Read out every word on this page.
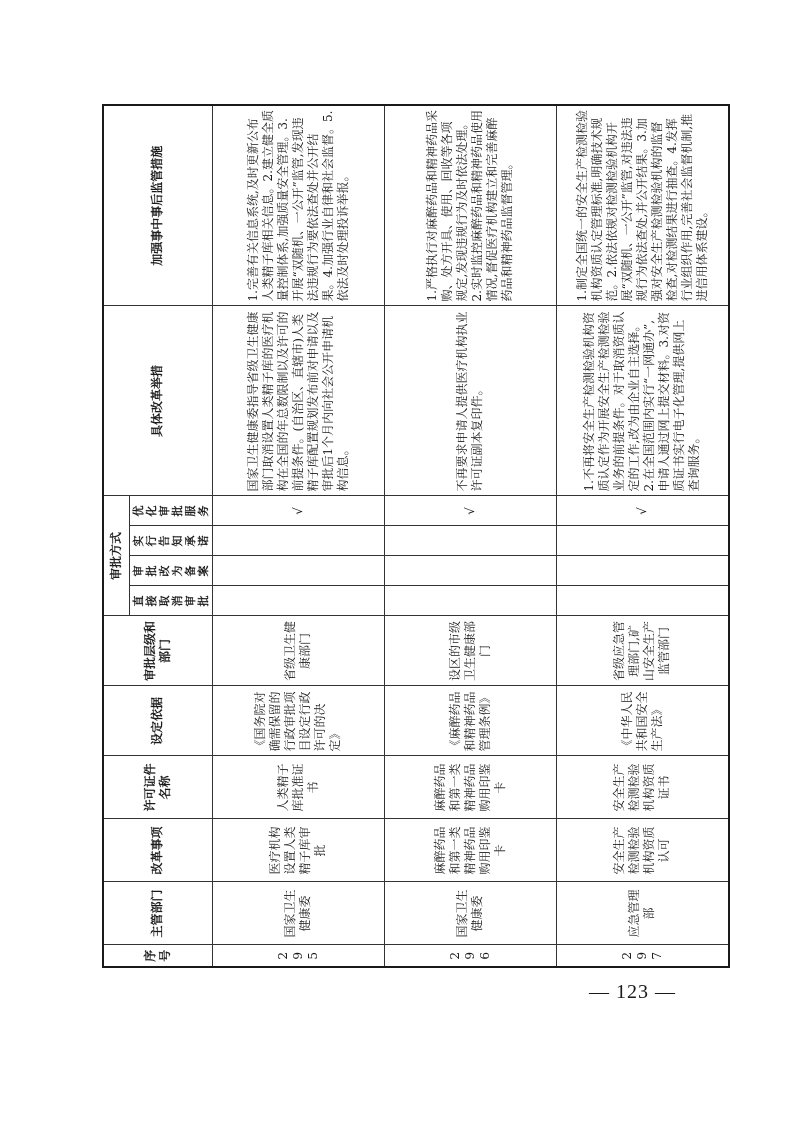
序号	主管部门	改革事项	许可证件名称	设定依据	审批层级和部门	审批方式				具体改革举措	加强事中事后监管措施
						直接取消审批	审批改为备案	实行告知承诺	优化审批服务		
295	国家卫生健康委	医疗机构设置人类精子库审批	人类精子库批准证书	《国务院对确需保留的行政审批项目设定行政许可的决定》	省级卫生健康部门				√	国家卫生健康委指导省级卫生健康部门取消设置人类精子库的医疗机构在全国的年总数限制以及许可的前提条件。(自治区、直辖市)人类精子库配置规划发布前对申请以及审批后1个月内向社会公开申请机构信息。	1.完善有关信息系统,及时更新公布人类精子库相关信息。2.建立健全质量控制体系,加强质量安全管理。3.开展“双随机、一公开”监管,发现违法违规行为要依法查处并公开结果。4.加强行业自律和社会监督。5.依法及时处理投诉举报。
296	国家卫生健康委	麻醉药品和第一类精神药品购用印鉴卡	麻醉药品和第一类精神药品购用印鉴卡	《麻醉药品和精神药品管理条例》	设区的市级卫生健康部门				√	不再要求申请人提供医疗机构执业许可证副本复印件。	1.严格执行对麻醉药品和精神药品采购、处方开具、使用、回收等各项规定,发现违规行为及时依法处理。2.实时监控麻醉药品和精神药品使用情况,督促医疗机构建立和完善麻醉药品和精神药品监督管理。
297	应急管理部	安全生产检测检验机构资质认可	安全生产检测检验机构资质证书	《中华人民共和国安全生产法》	省级应急管理部门,矿山安全生产监管部门				√	1.不再将安全生产检测检验机构资质认定作为开展安全生产检测检验业务的前提条件。对于取消资质认定的工作,改为由企业自主选择。2.在全国范围内实行“一网通办”,申请人通过网上提交材料。3.对资质证书实行电子化管理,提供网上查询服务。	1.制定全国统一的安全生产检测检验机构资质认定管理标准,明确技术规范。2.依法依规对检测检验机构开展“双随机、一公开”监管,对违法违规行为依法查处,并公开结果。3.加强对安全生产检测检验机构的监督检查,对检测结果进行抽查。4.发挥行业组织作用,完善社会监督机制,推进信用体系建设。
— 123 —
